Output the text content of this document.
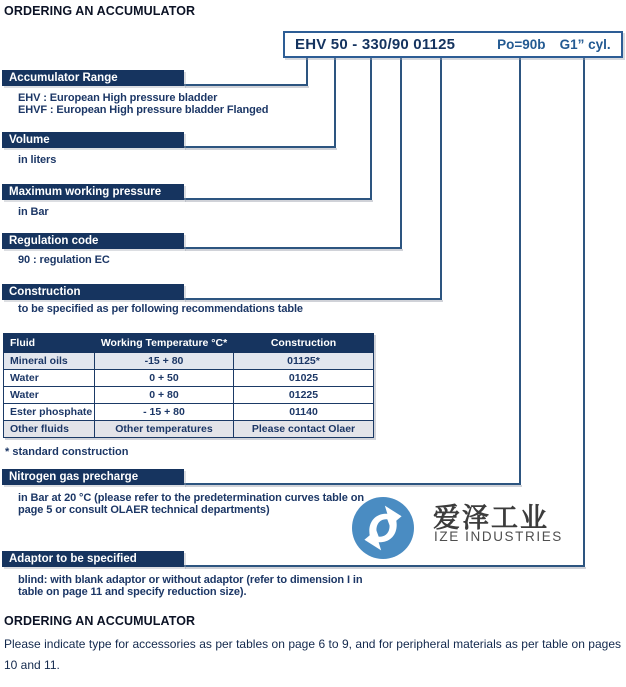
ORDERING AN ACCUMULATOR
EHV 50 - 330/90 01125	Po=90b G1” cyl.
Accumulator Range
EHV : European High pressure bladder
EHVF : European High pressure bladder Flanged
Volume
in liters
Maximum working pressure
in Bar
Regulation code
90 : regulation EC
Construction
to be specified as per following recommendations table
Fluid	Working Temperature °C*	Construction
Mineral oils	-15 + 80	01125*
Water	0 + 50	01025
Water	0 + 80	01225
Ester phosphate	- 15 + 80	01140
Other fluids	Other temperatures	Please contact Olaer
* standard construction
Nitrogen gas precharge
in Bar at 20 °C (please refer to the predetermination curves table on
page 5 or consult OLAER technical departments)	爱泽工业
IZE INDUSTRIES
Adaptor to be specified
blind: with blank adaptor or without adaptor (refer to dimension I in
table on page 11 and specify reduction size).
ORDERING AN ACCUMULATOR
Please indicate type for accessories as per tables on page 6 to 9, and for peripheral materials as per table on pages 10 and 11.
